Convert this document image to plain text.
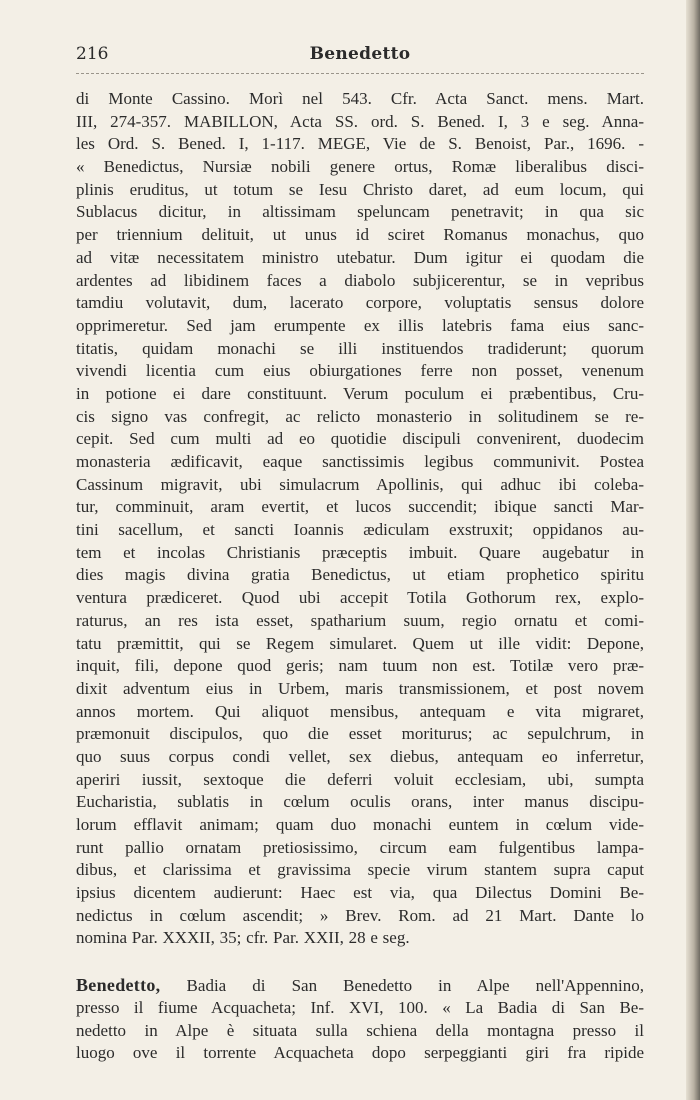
216	Benedetto
di Monte Cassino. Morì nel 543. Cfr. Acta Sanct. mens. Mart.
III, 274-357. MABILLON, Acta SS. ord. S. Bened. I, 3 e seg. Anna-
les Ord. S. Bened. I, 1-117. MEGE, Vie de S. Benoist, Par., 1696. -
« Benedictus, Nursiæ nobili genere ortus, Romæ liberalibus disci-
plinis eruditus, ut totum se Iesu Christo daret, ad eum locum, qui
Sublacus dicitur, in altissimam speluncam penetravit; in qua sic
per triennium delituit, ut unus id sciret Romanus monachus, quo
ad vitæ necessitatem ministro utebatur. Dum igitur ei quodam die
ardentes ad libidinem faces a diabolo subjicerentur, se in vepribus
tamdiu volutavit, dum, lacerato corpore, voluptatis sensus dolore
opprimeretur. Sed jam erumpente ex illis latebris fama eius sanc-
titatis, quidam monachi se illi instituendos tradiderunt; quorum
vivendi licentia cum eius obiurgationes ferre non posset, venenum
in potione ei dare constituunt. Verum poculum ei præbentibus, Cru-
cis signo vas confregit, ac relicto monasterio in solitudinem se re-
cepit. Sed cum multi ad eo quotidie discipuli convenirent, duodecim
monasteria ædificavit, eaque sanctissimis legibus communivit. Postea
Cassinum migravit, ubi simulacrum Apollinis, qui adhuc ibi coleba-
tur, comminuit, aram evertit, et lucos succendit; ibique sancti Mar-
tini sacellum, et sancti Ioannis ædiculam exstruxit; oppidanos au-
tem et incolas Christianis præceptis imbuit. Quare augebatur in
dies magis divina gratia Benedictus, ut etiam prophetico spiritu
ventura prædiceret. Quod ubi accepit Totila Gothorum rex, explo-
raturus, an res ista esset, spatharium suum, regio ornatu et comi-
tatu præmittit, qui se Regem simularet. Quem ut ille vidit: Depone,
inquit, fili, depone quod geris; nam tuum non est. Totilæ vero præ-
dixit adventum eius in Urbem, maris transmissionem, et post novem
annos mortem. Qui aliquot mensibus, antequam e vita migraret,
præmonuit discipulos, quo die esset moriturus; ac sepulchrum, in
quo suus corpus condi vellet, sex diebus, antequam eo inferretur,
aperiri iussit, sextoque die deferri voluit ecclesiam, ubi, sumpta
Eucharistia, sublatis in cœlum oculis orans, inter manus discipu-
lorum efflavit animam; quam duo monachi euntem in cœlum vide-
runt pallio ornatam pretiosissimo, circum eam fulgentibus lampa-
dibus, et clarissima et gravissima specie virum stantem supra caput
ipsius dicentem audierunt: Haec est via, qua Dilectus Domini Be-
nedictus in cœlum ascendit; » Brev. Rom. ad 21 Mart. Dante lo
nomina Par. XXXII, 35; cfr. Par. XXII, 28 e seg.
Benedetto, Badia di San Benedetto in Alpe nell'Appennino,
presso il fiume Acquacheta; Inf. XVI, 100. « La Badia di San Be-
nedetto in Alpe è situata sulla schiena della montagna presso il
luogo ove il torrente Acquacheta dopo serpeggianti giri fra ripide
